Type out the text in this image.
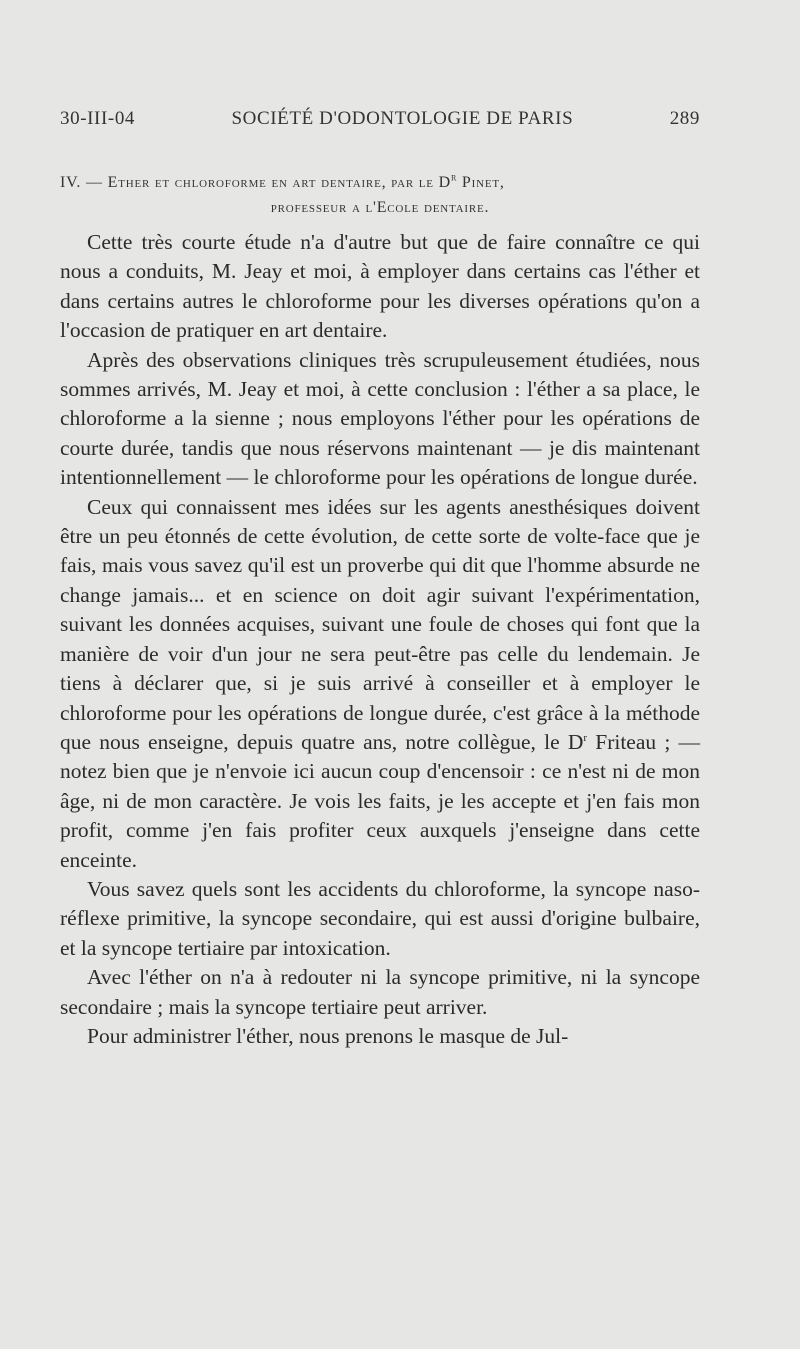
30-III-04	SOCIÉTÉ D'ODONTOLOGIE DE PARIS	289
IV. — Ether et chloroforme en art dentaire, par le $D^r$ Pinet,
professeur a l'Ecole dentaire.

Cette très courte étude n'a d'autre but que de faire connaître ce qui nous a conduits, M. Jeay et moi, à employer dans certains cas l'éther et dans certains autres le chloroforme pour les diverses opérations qu'on a l'occasion de pratiquer en art dentaire.

Après des observations cliniques très scrupuleusement étudiées, nous sommes arrivés, M. Jeay et moi, à cette conclusion : l'éther a sa place, le chloroforme a la sienne ; nous employons l'éther pour les opérations de courte durée, tandis que nous réservons maintenant — je dis maintenant intentionnellement — le chloroforme pour les opérations de longue durée.

Ceux qui connaissent mes idées sur les agents anesthésiques doivent être un peu étonnés de cette évolution, de cette sorte de volte-face que je fais, mais vous savez qu'il est un proverbe qui dit que l'homme absurde ne change jamais... et en science on doit agir suivant l'expérimentation, suivant les données acquises, suivant une foule de choses qui font que la manière de voir d'un jour ne sera peut-être pas celle du lendemain. Je tiens à déclarer que, si je suis arrivé à conseiller et à employer le chloroforme pour les opérations de longue durée, c'est grâce à la méthode que nous enseigne, depuis quatre ans, notre collègue, le $D^r$ Friteau ; — notez bien que je n'envoie ici aucun coup d'encensoir : ce n'est ni de mon âge, ni de mon caractère. Je vois les faits, je les accepte et j'en fais mon profit, comme j'en fais profiter ceux auxquels j'enseigne dans cette enceinte.

Vous savez quels sont les accidents du chloroforme, la syncope naso-réflexe primitive, la syncope secondaire, qui est aussi d'origine bulbaire, et la syncope tertiaire par intoxication.

Avec l'éther on n'a à redouter ni la syncope primitive, ni la syncope secondaire ; mais la syncope tertiaire peut arriver.

Pour administrer l'éther, nous prenons le masque de Jul-
